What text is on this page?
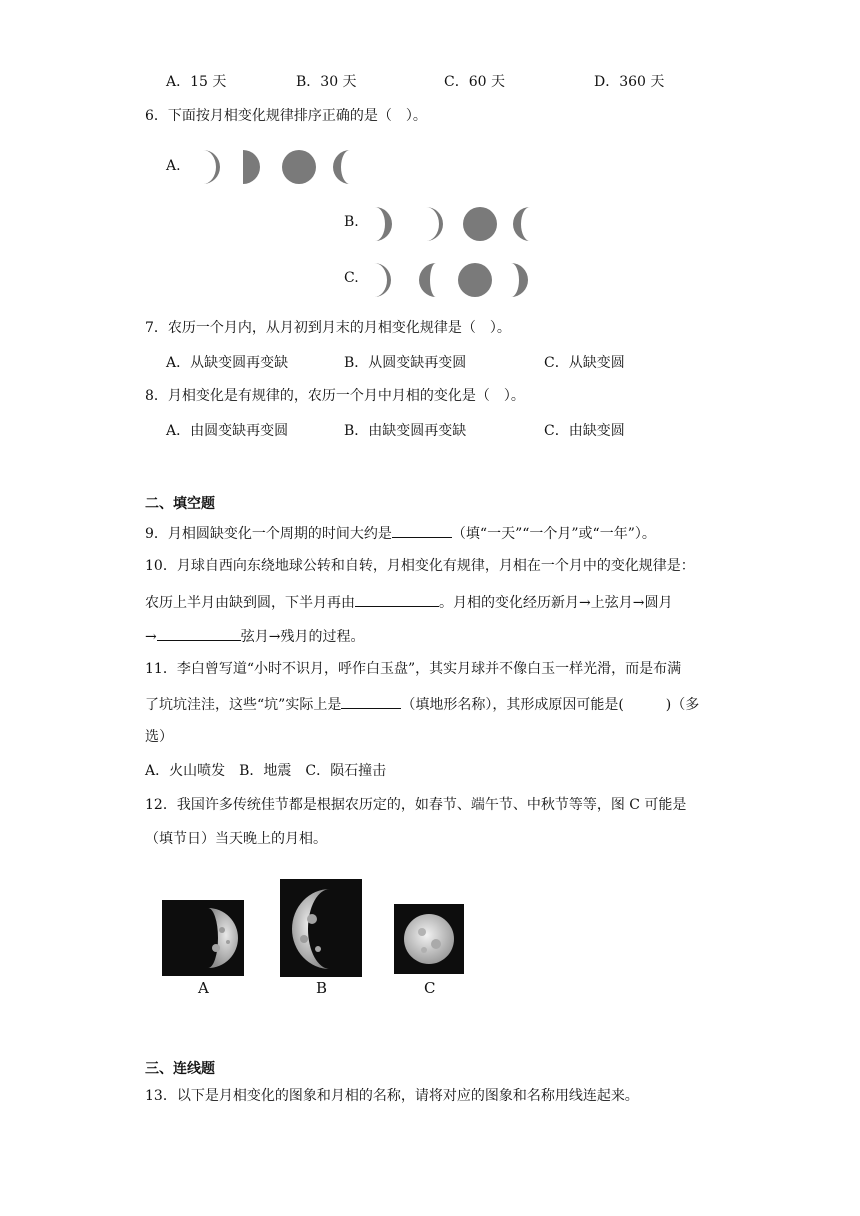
A．15 天	B．30 天	C．60 天	D．360 天
6．下面按月相变化规律排序正确的是（　）。
A.
B.
C.
7．农历一个月内，从月初到月末的月相变化规律是（　）。
A．从缺变圆再变缺	B．从圆变缺再变圆	C．从缺变圆
8．月相变化是有规律的，农历一个月中月相的变化是（　）。
A．由圆变缺再变圆	B．由缺变圆再变缺	C．由缺变圆
二、填空题
9．月相圆缺变化一个周期的时间大约是	（填“一天”“一个月”或“一年”）。
10．月球自西向东绕地球公转和自转，月相变化有规律，月相在一个月中的变化规律是：
农历上半月由缺到圆，下半月再由	。月相的变化经历新月→上弦月→圆月
→	弦月→残月的过程。
11．李白曾写道“小时不识月，呼作白玉盘”，其实月球并不像白玉一样光滑，而是布满
了坑坑洼洼，这些“坑”实际上是	（填地形名称），其形成原因可能是(　　　)（多
选）
A．火山喷发　B．地震　C．陨石撞击
12．我国许多传统佳节都是根据农历定的，如春节、端午节、中秋节等等，图 C 可能是
（填节日）当天晚上的月相。
A	B	C
三、连线题
13．以下是月相变化的图象和月相的名称，请将对应的图象和名称用线连起来。
